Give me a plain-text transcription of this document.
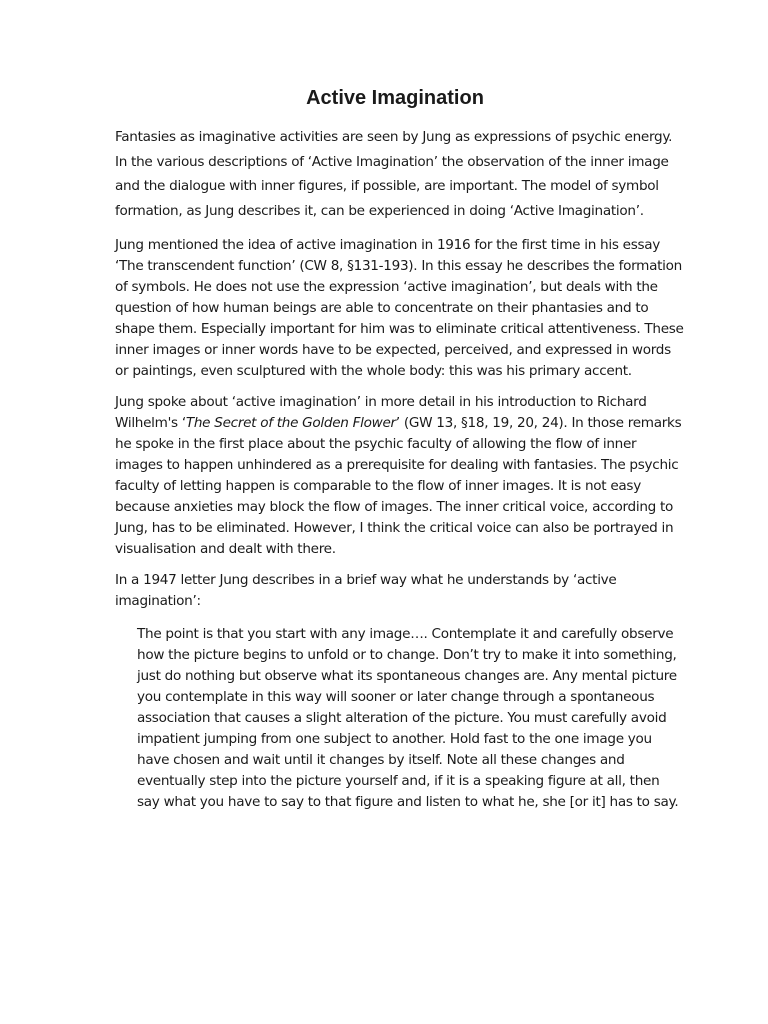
Active Imagination

Fantasies as imaginative activities are seen by Jung as expressions of psychic energy. In the various descriptions of ‘Active Imagination’ the observation of the inner image and the dialogue with inner figures, if possible, are important. The model of symbol formation, as Jung describes it, can be experienced in doing ‘Active Imagination’.

Jung mentioned the idea of active imagination in 1916 for the first time in his essay ‘The transcendent function’ (CW 8, §131-193). In this essay he describes the formation of symbols. He does not use the expression ‘active imagination’, but deals with the question of how human beings are able to concentrate on their phantasies and to shape them. Especially important for him was to eliminate critical attentiveness. These inner images or inner words have to be expected, perceived, and expressed in words or paintings, even sculptured with the whole body: this was his primary accent.

Jung spoke about ‘active imagination’ in more detail in his introduction to Richard Wilhelm's ‘The Secret of the Golden Flower’ (GW 13, §18, 19, 20, 24). In those remarks he spoke in the first place about the psychic faculty of allowing the flow of inner images to happen unhindered as a prerequisite for dealing with fantasies. The psychic faculty of letting happen is comparable to the flow of inner images. It is not easy because anxieties may block the flow of images. The inner critical voice, according to Jung, has to be eliminated. However, I think the critical voice can also be portrayed in visualisation and dealt with there.

In a 1947 letter Jung describes in a brief way what he understands by ‘active imagination’:

The point is that you start with any image…. Contemplate it and carefully observe how the picture begins to unfold or to change. Don’t try to make it into something, just do nothing but observe what its spontaneous changes are. Any mental picture you contemplate in this way will sooner or later change through a spontaneous association that causes a slight alteration of the picture. You must carefully avoid impatient jumping from one subject to another. Hold fast to the one image you have chosen and wait until it changes by itself. Note all these changes and eventually step into the picture yourself and, if it is a speaking figure at all, then say what you have to say to that figure and listen to what he, she [or it] has to say.
